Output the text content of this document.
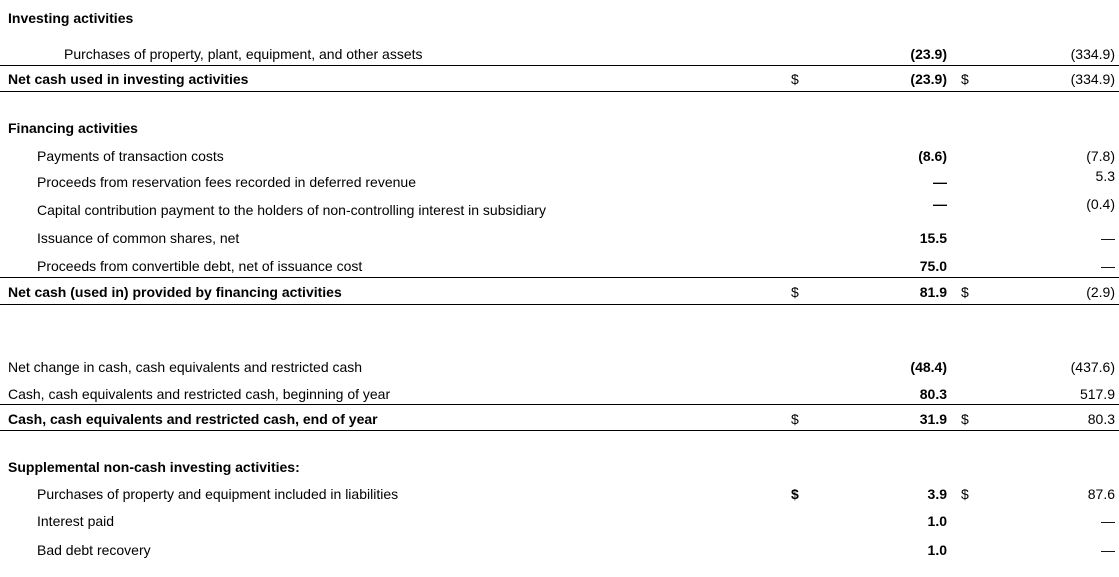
Investing activities
Purchases of property, plant, equipment, and other assets	(23.9)	(334.9)
Net cash used in investing activities	$	(23.9) $	(334.9)
Financing activities
Payments of transaction costs	(8.6)	(7.8)
Proceeds from reservation fees recorded in deferred revenue	—	5.3
Capital contribution payment to the holders of non-controlling interest in subsidiary	—	(0.4)
Issuance of common shares, net	15.5	—
Proceeds from convertible debt, net of issuance cost	75.0	—
Net cash (used in) provided by financing activities	$	81.9 $	(2.9)
Net change in cash, cash equivalents and restricted cash	(48.4)	(437.6)
Cash, cash equivalents and restricted cash, beginning of year	80.3	517.9
Cash, cash equivalents and restricted cash, end of year	$	31.9 $	80.3
Supplemental non-cash investing activities:
Purchases of property and equipment included in liabilities	$	3.9 $	87.6
Interest paid	1.0	—
Bad debt recovery	1.0	—
